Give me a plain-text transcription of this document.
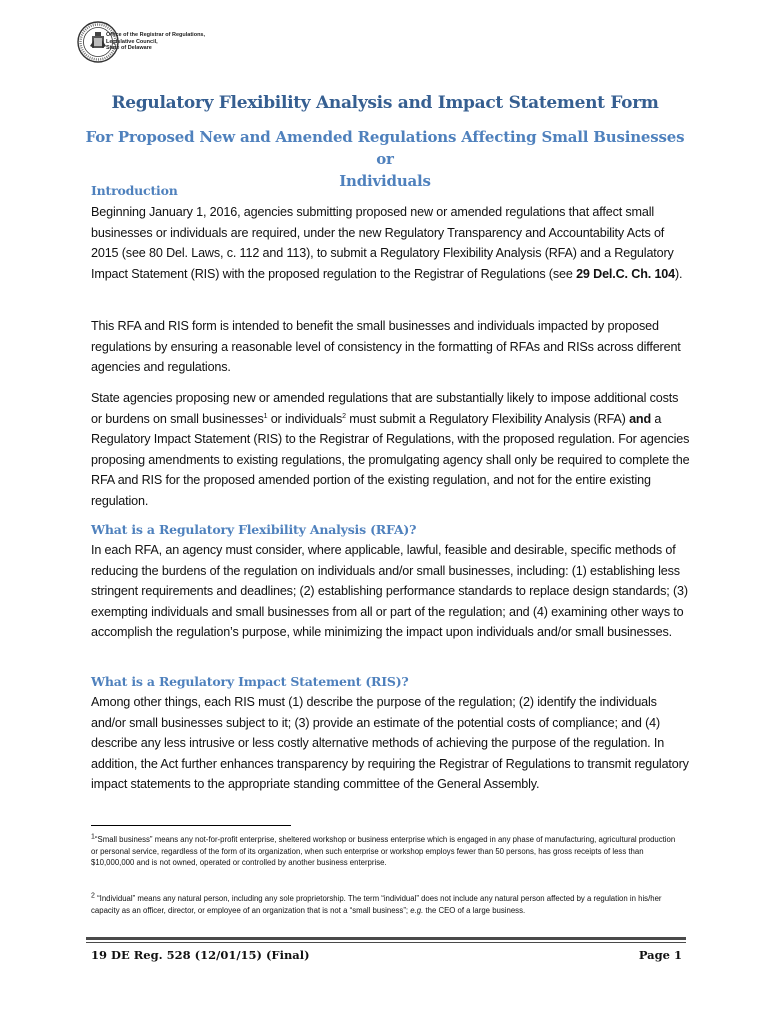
Office of the Registrar of Regulations,
Legislative Council,
State of Delaware
Regulatory Flexibility Analysis and Impact Statement Form
For Proposed New and Amended Regulations Affecting Small Businesses or
Individuals
Introduction

Beginning January 1, 2016, agencies submitting proposed new or amended regulations that affect small businesses or individuals are required, under the new Regulatory Transparency and Accountability Acts of 2015 (see 80 Del. Laws, c. 112 and 113), to submit a Regulatory Flexibility Analysis (RFA) and a Regulatory Impact Statement (RIS) with the proposed regulation to the Registrar of Regulations (see 29 Del.C. Ch. 104).

This RFA and RIS form is intended to benefit the small businesses and individuals impacted by proposed regulations by ensuring a reasonable level of consistency in the formatting of RFAs and RISs across different agencies and regulations.

State agencies proposing new or amended regulations that are substantially likely to impose additional costs or burdens on small businesses$^1$ or individuals$^2$ must submit a Regulatory Flexibility Analysis (RFA) and a Regulatory Impact Statement (RIS) to the Registrar of Regulations, with the proposed regulation. For agencies proposing amendments to existing regulations, the promulgating agency shall only be required to complete the RFA and RIS for the proposed amended portion of the existing regulation, and not for the entire existing regulation.

What is a Regulatory Flexibility Analysis (RFA)?
In each RFA, an agency must consider, where applicable, lawful, feasible and desirable, specific methods of reducing the burdens of the regulation on individuals and/or small businesses, including: (1) establishing less stringent requirements and deadlines; (2) establishing performance standards to replace design standards; (3) exempting individuals and small businesses from all or part of the regulation; and (4) examining other ways to accomplish the regulation’s purpose, while minimizing the impact upon individuals and/or small businesses.
What is a Regulatory Impact Statement (RIS)?
Among other things, each RIS must (1) describe the purpose of the regulation; (2) identify the individuals and/or small businesses subject to it; (3) provide an estimate of the potential costs of compliance; and (4) describe any less intrusive or less costly alternative methods of achieving the purpose of the regulation. In addition, the Act further enhances transparency by requiring the Registrar of Regulations to transmit regulatory impact statements to the appropriate standing committee of the General Assembly.
$^1$“Small business” means any not-for-profit enterprise, sheltered workshop or business enterprise which is engaged in any phase of manufacturing, agricultural production or personal service, regardless of the form of its organization, when such enterprise or workshop employs fewer than 50 persons, has gross receipts of less than $10,000,000 and is not owned, operated or controlled by another business enterprise.
$^2$ “Individual” means any natural person, including any sole proprietorship. The term “individual” does not include any natural person affected by a regulation in his/her capacity as an officer, director, or employee of an organization that is not a “small business”; e.g. the CEO of a large business.
19 DE Reg. 528 (12/01/15) (Final)	Page 1
